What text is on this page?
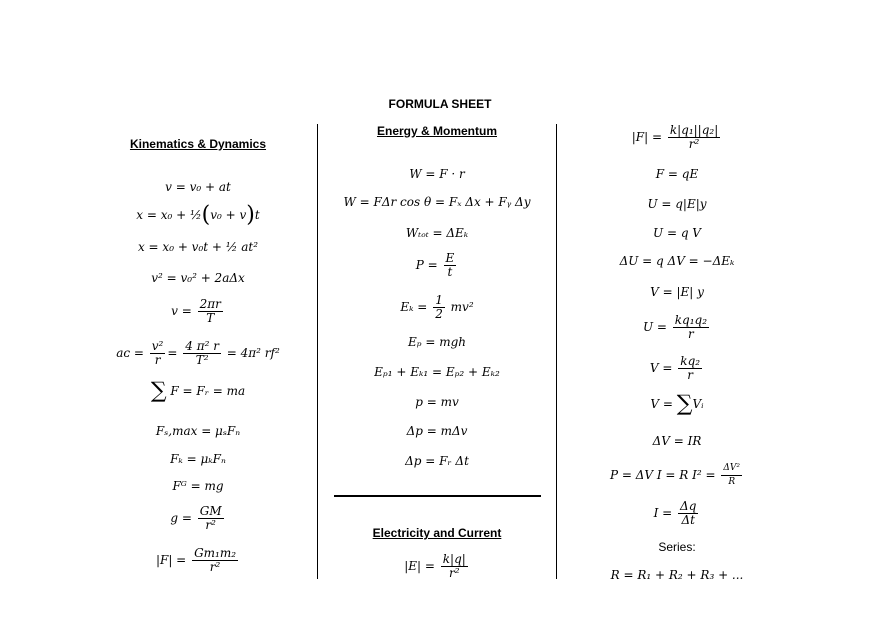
FORMULA SHEET
Kinematics & Dynamics
v = v₀ + at
x = x₀ + ½(v₀ + v)t
x = x₀ + v₀t + ½ at²
v² = v₀² + 2aΔx
$v = \frac{2\pi r}{T}$
aᴄ = $\frac{\text{v²}}{r} = \frac{\text{4 π² r}}{\text{T²}} = 4\pi^2$ rf²
∑ F = Fᵣ = ma
Fₛ,max = μₛFₙ
Fₖ = μₖFₙ
Fᴳ = mg
$g = \frac{GM}{\text{r²}}$
$|F| = \frac{\text{Gm₁m₂}}{\text{r²}}$
Energy & Momentum
W = F · r
W = FΔr cos θ = Fₓ Δx + Fᵧ Δy
Wₜₒₜ = ΔEₖ
$P = \frac{E}{t}$
$E_k = \frac{1}{2} mv^2$
Eₚ = mgh
Eₚ₁ + Eₖ₁ = Eₚ₂ + Eₖ₂
p = mv
Δp = mΔv
Δp = Fᵣ Δt
Electricity and Current
$|E| = \frac{k|q|}{\text{r²}}$
$|F| = \frac{\text{k|q₁||q₂|}}{\text{r²}}$
F = qE
U = q|E|y
U = q V
ΔU = q ΔV = −ΔEₖ
V = |E| y
$U = \frac{\text{kq₁q₂}}{r}$
$V = \frac{\text{kq₂}}{r}$
V = ∑Vᵢ
ΔV = IR
P = ΔV I = R $I^2 = \frac{\text{ΔV²}}{R}$
$I = \frac{\Delta q}{\Delta t}$
Series:
R = R₁ + R₂ + R₃ + ...
